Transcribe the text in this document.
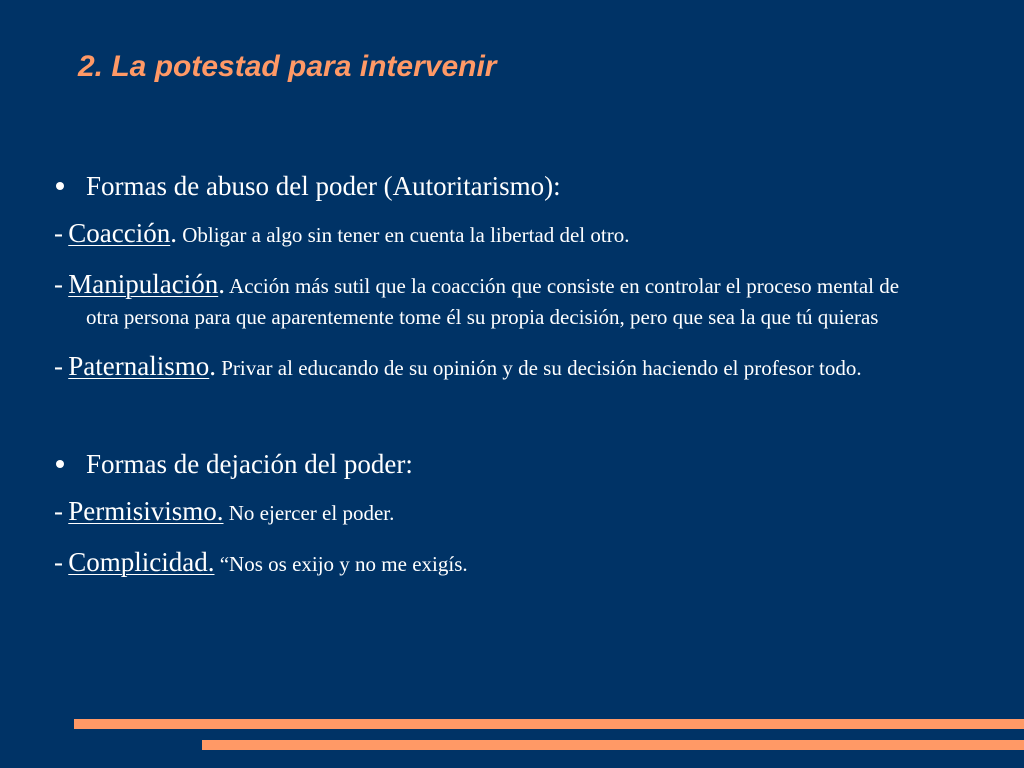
2. La potestad para intervenir

Formas de abuso del poder (Autoritarismo):

- Coacción. Obligar a algo sin tener en cuenta la libertad del otro.

- Manipulación. Acción más sutil que la coacción que consiste en controlar el proceso mental de otra persona para que aparentemente tome él su propia decisión, pero que sea la que tú quieras

- Paternalismo. Privar al educando de su opinión y de su decisión haciendo el profesor todo.

Formas de dejación del poder:

- Permisivismo. No ejercer el poder.

- Complicidad. “Nos os exijo y no me exigís.
